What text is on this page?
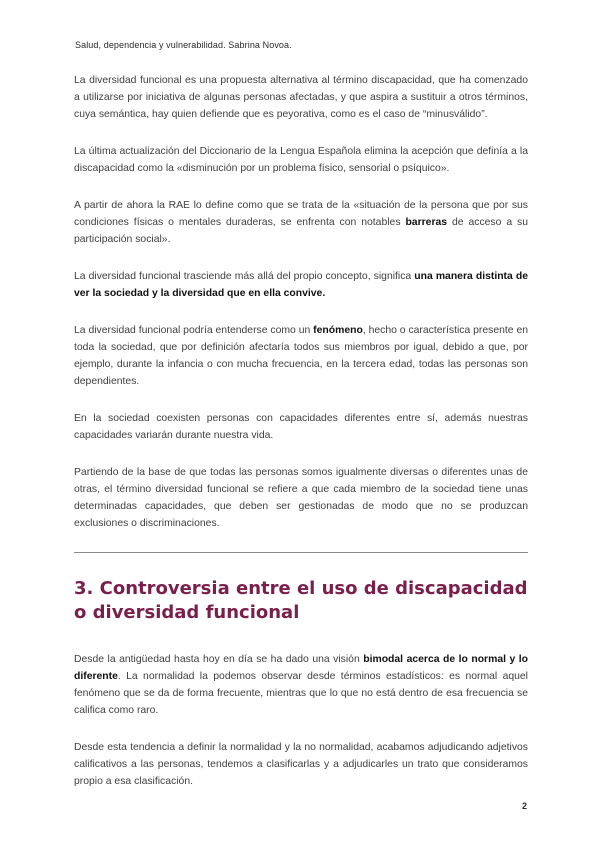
Salud, dependencia y vulnerabilidad. Sabrina Novoa.

La diversidad funcional es una propuesta alternativa al término discapacidad, que ha comenzado a utilizarse por iniciativa de algunas personas afectadas, y que aspira a sustituir a otros términos, cuya semántica, hay quien defiende que es peyorativa, como es el caso de “minusválido”.

La última actualización del Diccionario de la Lengua Española elimina la acepción que definía a la discapacidad como la «disminución por un problema físico, sensorial o psíquico».

A partir de ahora la RAE lo define como que se trata de la «situación de la persona que por sus condiciones físicas o mentales duraderas, se enfrenta con notables barreras de acceso a su participación social».

La diversidad funcional trasciende más allá del propio concepto, significa una manera distinta de ver la sociedad y la diversidad que en ella convive.

La diversidad funcional podría entenderse como un fenómeno, hecho o característica presente en toda la sociedad, que por definición afectaría todos sus miembros por igual, debido a que, por ejemplo, durante la infancia o con mucha frecuencia, en la tercera edad, todas las personas son dependientes.

En la sociedad coexisten personas con capacidades diferentes entre sí, además nuestras capacidades variarán durante nuestra vida.

Partiendo de la base de que todas las personas somos igualmente diversas o diferentes unas de otras, el término diversidad funcional se refiere a que cada miembro de la sociedad tiene unas determinadas capacidades, que deben ser gestionadas de modo que no se produzcan exclusiones o discriminaciones.

3. Controversia entre el uso de discapacidad o diversidad funcional

Desde la antigüedad hasta hoy en día se ha dado una visión bimodal acerca de lo normal y lo diferente. La normalidad la podemos observar desde términos estadísticos: es normal aquel fenómeno que se da de forma frecuente, mientras que lo que no está dentro de esa frecuencia se califica como raro.

Desde esta tendencia a definir la normalidad y la no normalidad, acabamos adjudicando adjetivos calificativos a las personas, tendemos a clasificarlas y a adjudicarles un trato que consideramos propio a esa clasificación.

2
